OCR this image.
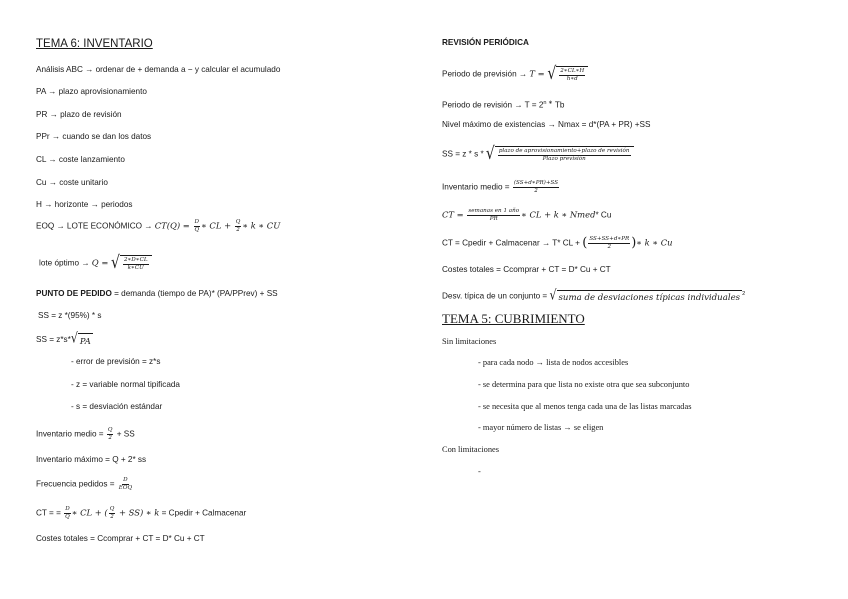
TEMA 6: INVENTARIO
Análisis ABC → ordenar de + demanda a − y calcular el acumulado
PA → plazo aprovisionamiento
PR → plazo de revisión
PPr → cuando se dan los datos
CL → coste lanzamiento
Cu → coste unitario
H → horizonte → periodos
EOQ → LOTE ECONÓMICO → $CT(Q) = \frac{D}{Q}$ ∗ CL + $\frac{Q}{2}$ ∗ k ∗ CU
lote óptimo → Q = √ $\frac{2∗D∗CL}{k∗CU}$
PUNTO DE PEDIDO = demanda (tiempo de PA)* (PA/PPrev) + SS
SS = z *(95%) * s
SS = z*s* √ PA
- error de previsión = z*s
- z = variable normal tipificada
- s = desviación estándar
Inventario medio = $\frac{Q}{2}$ + SS
Inventario máximo = Q + 2* ss
Frecuencia pedidos = $\frac{D}{\text{EOQ}}$
CT = = $\frac{D}{Q}$ ∗ CL + ( $\frac{Q}{2} + SS$) ∗ k = Cpedir + Calmacenar
Costes totales = Ccomprar + CT = D* Cu + CT
REVISIÓN PERIÓDICA
Periodo de previsión → T = √ $\frac{2∗CL∗H}{h∗d}$
Periodo de revisión → $T = 2^{n ∗}$ Tb
Nivel máximo de existencias → Nmax = d*(PA + PR) +SS
SS = z * s * √ $\frac{\text{plazo de aprovisionamiento+plazo de revisión}}{\text{Plazo previsión}}$
Inventario medio = $\frac{(SS+d∗PR)+SS}{2}$
CT = $\frac{\text{semanas en 1 año}}{PR}$ ∗ CL + k ∗ Nmed* Cu
CT = Cpedir + Calmacenar → T* CL + ( $\frac{SS+SS+d∗PR}{2}$ )∗ k ∗ Cu
Costes totales = Ccomprar + CT = D* Cu + CT
Desv. típica de un conjunto = √ suma de desviaciones típicas individuales $^2$
TEMA 5: CUBRIMIENTO
Sin limitaciones
- para cada nodo → lista de nodos accesibles
- se determina para que lista no existe otra que sea subconjunto
- se necesita que al menos tenga cada una de las listas marcadas
- mayor número de listas → se eligen
Con limitaciones
-
